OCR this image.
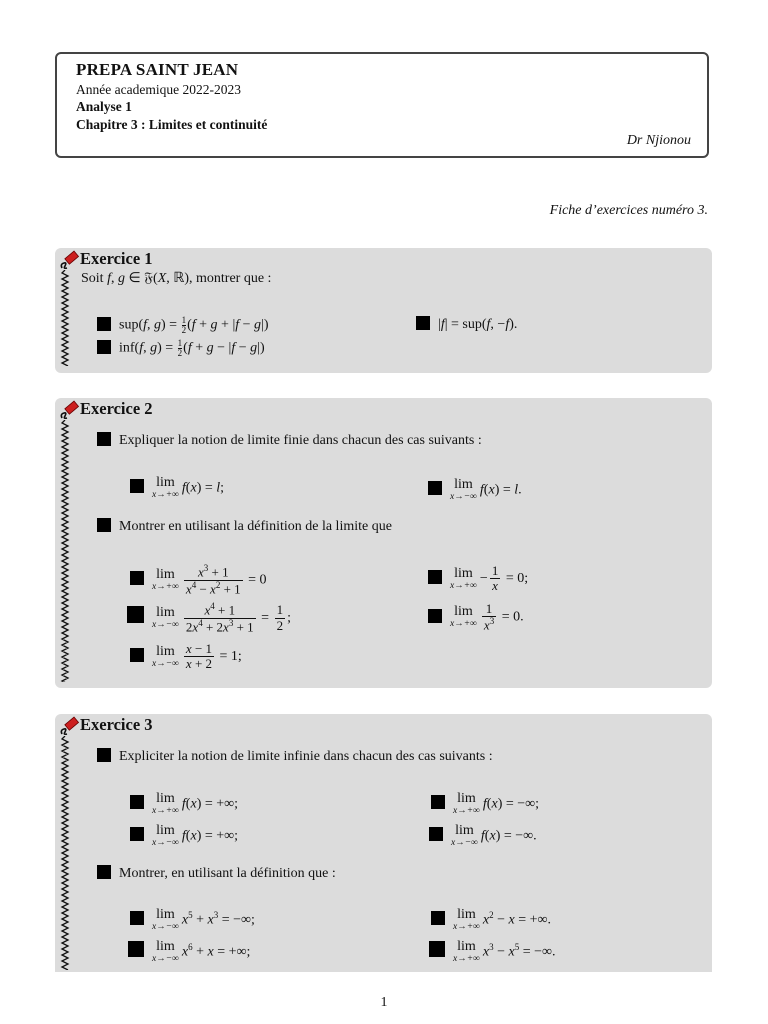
PREPA SAINT JEAN
Année academique 2022-2023
Analyse 1
Chapitre 3 : Limites et continuité
Dr Njionou
Fiche d’exercices numéro 3.
Exercice 1
Soit f, g ∈ 𝔉(X, ℝ), montrer que :
sup(f, $g) = \frac{1}{2} (f + g + |f - g|)$	|f| = sup(f, −f).
inf(f, $g) = \frac{1}{2} (f + g - |f - g|)$
Exercice 2
Expliquer la notion de limite finie dans chacun des cas suivants :
lim
x→+∞ f(x) = l;	lim
x→−∞ f(x) = l.
Montrer en utilisant la définition de la limite que
lim
$x\to+\infty \frac{x^3 + 1}{x^4 - x^2 + 1} = 0$	lim
$x\to+\infty - \frac{1}{x} = 0$;
lim
$x\to-\infty \frac{x^4 + 1}{2x^4 + 2x^3 + 1} = \frac{1}{2}$ ;	lim
$x\to+\infty \frac{1}{x^3} = 0$.
lim
$x\to-\infty \frac{x - 1}{x + 2} = 1$;
Exercice 3
Expliciter la notion de limite infinie dans chacun des cas suivants :
lim
x→+∞ f(x) = +∞;	lim
x→+∞ f(x) = −∞;
lim
x→−∞ f(x) = +∞;	lim
x→−∞ f(x) = −∞.
Montrer, en utilisant la définition que :
lim
x→−∞ $x^5 + x^3$ = −∞;	lim
x→+∞ $x^2 - x$ = +∞.
lim
x→−∞ $x^6 + x$ = +∞;	lim
x→+∞ $x^3 - x^5$ = −∞.
1
